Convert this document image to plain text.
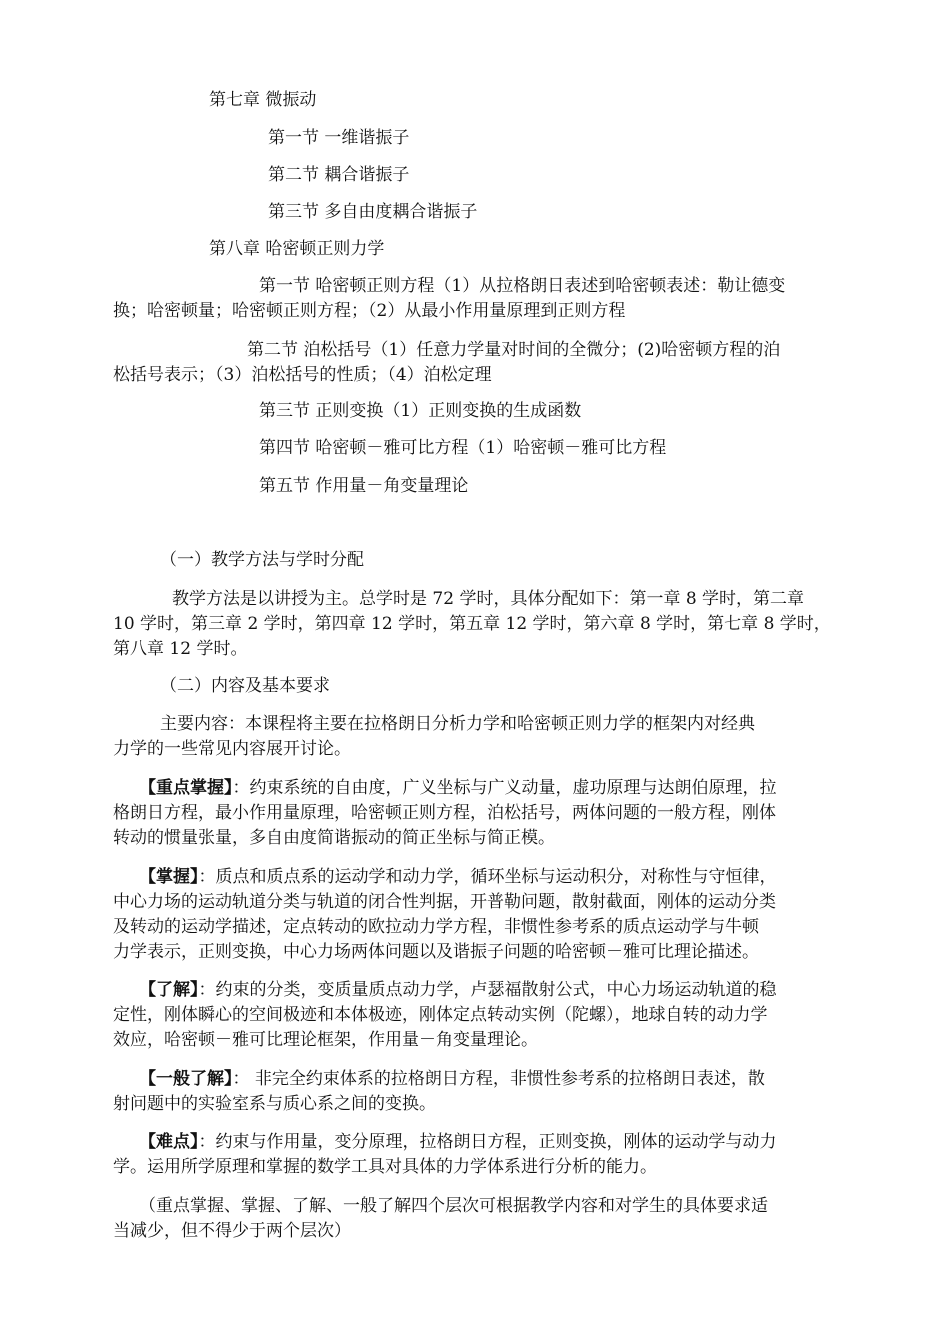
第七章 微振动
第一节 一维谐振子
第二节 耦合谐振子
第三节 多自由度耦合谐振子
第八章 哈密顿正则力学
第一节 哈密顿正则方程（1）从拉格朗日表述到哈密顿表述：勒让德变
换；哈密顿量；哈密顿正则方程；（2）从最小作用量原理到正则方程
第二节 泊松括号（1）任意力学量对时间的全微分；(2)哈密顿方程的泊
松括号表示；（3）泊松括号的性质；（4）泊松定理
第三节 正则变换（1）正则变换的生成函数
第四节 哈密顿－雅可比方程（1）哈密顿－雅可比方程
第五节 作用量－角变量理论
（一）教学方法与学时分配
教学方法是以讲授为主。总学时是 72 学时，具体分配如下：第一章 8 学时，第二章
10 学时，第三章 2 学时，第四章 12 学时，第五章 12 学时，第六章 8 学时，第七章 8 学时，
第八章 12 学时。
（二）内容及基本要求
主要内容：本课程将主要在拉格朗日分析力学和哈密顿正则力学的框架内对经典
力学的一些常见内容展开讨论。
【重点掌握】：约束系统的自由度，广义坐标与广义动量，虚功原理与达朗伯原理，拉
格朗日方程，最小作用量原理，哈密顿正则方程，泊松括号，两体问题的一般方程，刚体
转动的惯量张量，多自由度简谐振动的简正坐标与简正模。
【掌握】：质点和质点系的运动学和动力学，循环坐标与运动积分，对称性与守恒律，
中心力场的运动轨道分类与轨道的闭合性判据，开普勒问题，散射截面，刚体的运动分类
及转动的运动学描述，定点转动的欧拉动力学方程，非惯性参考系的质点运动学与牛顿
力学表示，正则变换，中心力场两体问题以及谐振子问题的哈密顿－雅可比理论描述。
【了解】：约束的分类，变质量质点动力学，卢瑟福散射公式，中心力场运动轨道的稳
定性，刚体瞬心的空间极迹和本体极迹，刚体定点转动实例（陀螺），地球自转的动力学
效应，哈密顿－雅可比理论框架，作用量－角变量理论。
【一般了解】： 非完全约束体系的拉格朗日方程，非惯性参考系的拉格朗日表述，散
射问题中的实验室系与质心系之间的变换。
【难点】：约束与作用量，变分原理，拉格朗日方程，正则变换，刚体的运动学与动力
学。运用所学原理和掌握的数学工具对具体的力学体系进行分析的能力。
（重点掌握、掌握、了解、一般了解四个层次可根据教学内容和对学生的具体要求适
当减少，但不得少于两个层次）
